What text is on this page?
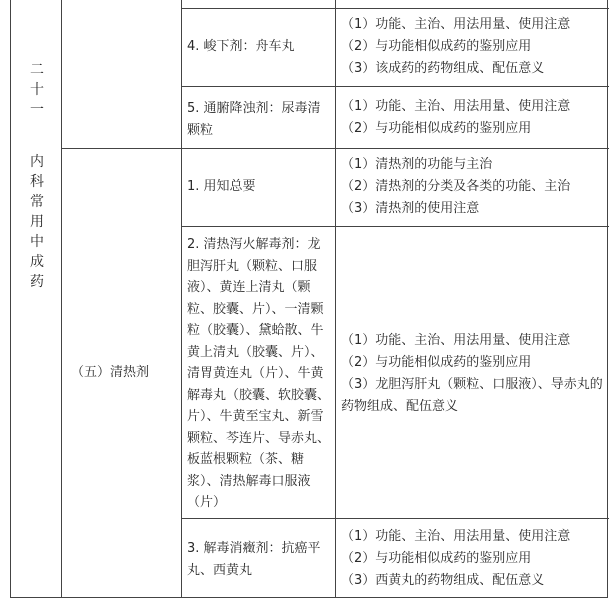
二十一
内科常用中成药
（五）清热剂
（1）功能、主治、用法用量、使用注意
（2）与功能相似成药的鉴别应用
（3）该成药的药物组成、配伍意义
4. 峻下剂：舟车丸
5. 通腑降浊剂：尿毒清颗粒
（1）功能、主治、用法用量、使用注意
（2）与功能相似成药的鉴别应用
1. 用知总要
（1）清热剂的功能与主治
（2）清热剂的分类及各类的功能、主治
（3）清热剂的使用注意
2. 清热泻火解毒剂：龙胆泻肝丸（颗粒、口服液）、黄连上清丸（颗粒、胶囊、片）、一清颗粒（胶囊）、黛蛤散、牛黄上清丸（胶囊、片）、清胃黄连丸（片）、牛黄解毒丸（胶囊、软胶囊、片）、牛黄至宝丸、新雪颗粒、芩连片、导赤丸、板蓝根颗粒（茶、糖浆）、清热解毒口服液（片）
（1）功能、主治、用法用量、使用注意
（2）与功能相似成药的鉴别应用
（3）龙胆泻肝丸（颗粒、口服液）、导赤丸的药物组成、配伍意义
3. 解毒消癥剂：抗癌平丸、西黄丸
（1）功能、主治、用法用量、使用注意
（2）与功能相似成药的鉴别应用
（3）西黄丸的药物组成、配伍意义
